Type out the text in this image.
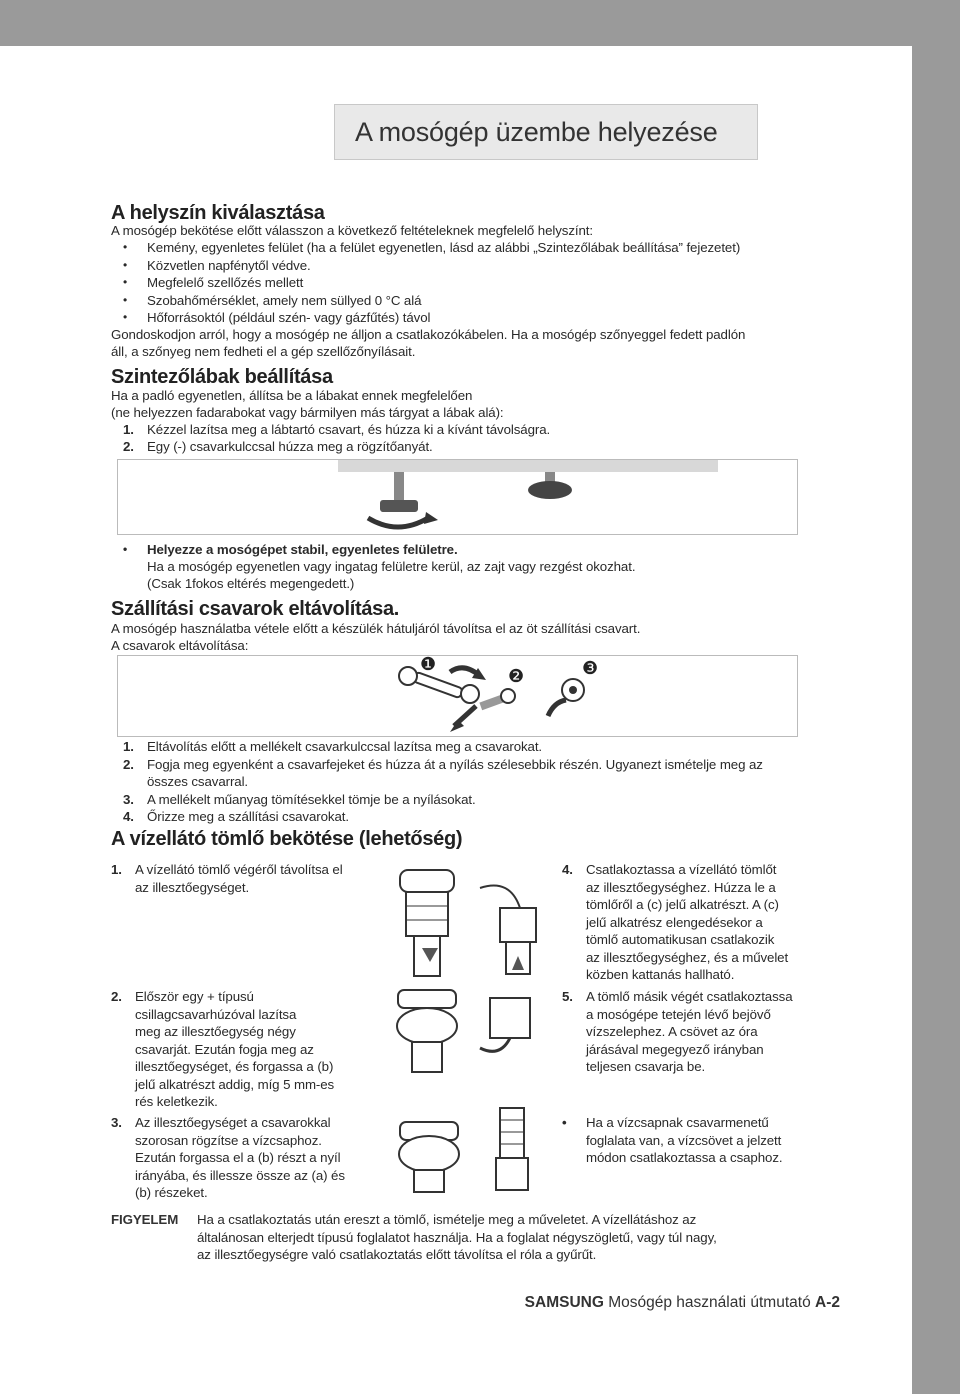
A mosógép üzembe helyezése
A helyszín kiválasztása
A mosógép bekötése előtt válasszon a következő feltételeknek megfelelő helyszínt:
• Kemény, egyenletes felület (ha a felület egyenetlen, lásd az alábbi „Szintezőlábak beállítása” fejezetet)
• Közvetlen napfénytől védve.
• Megfelelő szellőzés mellett
• Szobahőmérséklet, amely nem süllyed 0 °C alá
• Hőforrásoktól (például szén- vagy gázfűtés) távol
Gondoskodjon arról, hogy a mosógép ne álljon a csatlakozókábelen. Ha a mosógép szőnyeggel fedett padlón
áll, a szőnyeg nem fedheti el a gép szellőzőnyílásait.
Szintezőlábak beállítása
Ha a padló egyenetlen, állítsa be a lábakat ennek megfelelően
(ne helyezzen fadarabokat vagy bármilyen más tárgyat a lábak alá):
1. Kézzel lazítsa meg a lábtartó csavart, és húzza ki a kívánt távolságra.
2. Egy (-) csavarkulccsal húzza meg a rögzítőanyát.
• Helyezze a mosógépet stabil, egyenletes felületre.
Ha a mosógép egyenetlen vagy ingatag felületre kerül, az zajt vagy rezgést okozhat.
(Csak 1fokos eltérés megengedett.)
Szállítási csavarok eltávolítása.
A mosógép használatba vétele előtt a készülék hátuljáról távolítsa el az öt szállítási csavart.
A csavarok eltávolítása:
❶
❷	❸
1. Eltávolítás előtt a mellékelt csavarkulccsal lazítsa meg a csavarokat.
2. Fogja meg egyenként a csavarfejeket és húzza át a nyílás szélesebbik részén. Ugyanezt ismételje meg az
összes csavarral.
3. A mellékelt műanyag tömítésekkel tömje be a nyílásokat.
4. Őrizze meg a szállítási csavarokat.
A vízellátó tömlő bekötése (lehetőség)
1. A vízellátó tömlő végéről távolítsa el
az illesztőegységet.
2. Először egy + típusú
csillagcsavarhúzóval lazítsa
meg az illesztőegység négy
csavarját. Ezután fogja meg az
illesztőegységet, és forgassa a (b)
jelű alkatrészt addig, míg 5 mm-es
rés keletkezik.
3. Az illesztőegységet a csavarokkal
szorosan rögzítse a vízcsaphoz.
Ezután forgassa el a (b) részt a nyíl
irányába, és illessze össze az (a) és
(b) részeket.
4. Csatlakoztassa a vízellátó tömlőt
az illesztőegységhez. Húzza le a
tömlőről a (c) jelű alkatrészt. A (c)
jelű alkatrész elengedésekor a
tömlő automatikusan csatlakozik
az illesztőegységhez, és a művelet
közben kattanás hallható.
5. A tömlő másik végét csatlakoztassa
a mosógépe tetején lévő bejövő
vízszelephez. A csövet az óra
járásával megegyező irányban
teljesen csavarja be.
• Ha a vízcsapnak csavarmenetű
foglalata van, a vízcsövet a jelzett
módon csatlakoztassa a csaphoz.
FIGYELEM Ha a csatlakoztatás után ereszt a tömlő, ismételje meg a műveletet. A vízellátáshoz az
általánosan elterjedt típusú foglalatot használja. Ha a foglalat négyszögletű, vagy túl nagy,
az illesztőegységre való csatlakoztatás előtt távolítsa el róla a gyűrűt.
SAMSUNG Mosógép használati útmutató A-2
